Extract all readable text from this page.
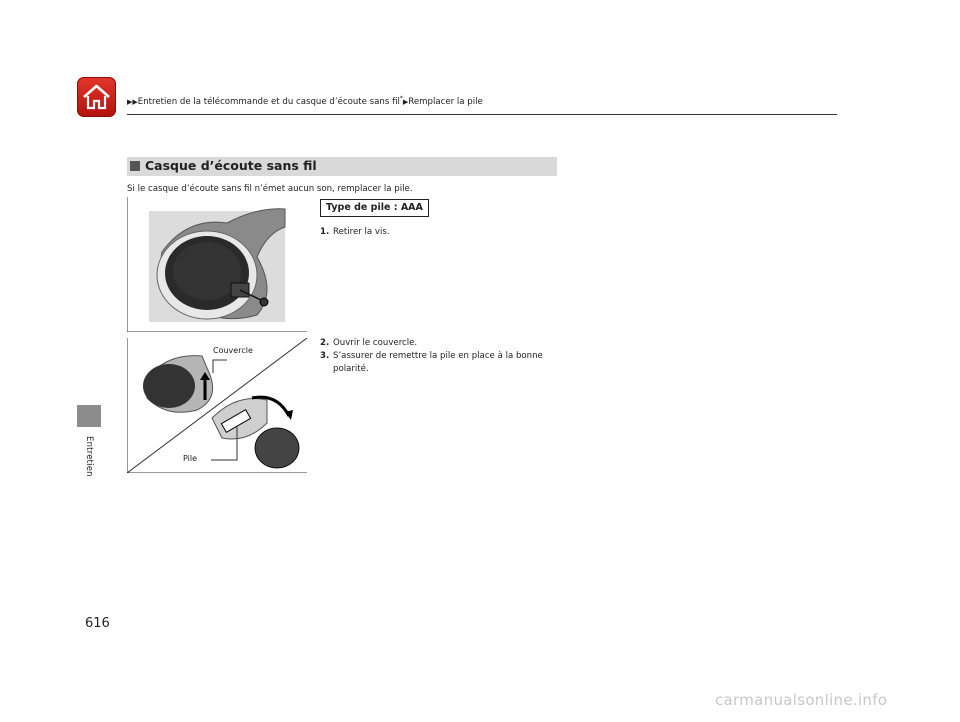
▶▶Entretien de la télécommande et du casque d’écoute sans fil*▶Remplacer la pile
Entretien
Casque d’écoute sans fil
Si le casque d’écoute sans fil n’émet aucun son, remplacer la pile.
Couvercle
Pile
Type de pile : AAA
1. Retirer la vis.
2. Ouvrir le couvercle.
3. S’assurer de remettre la pile en place à la bonne
polarité.
616
carmanualsonline.info
